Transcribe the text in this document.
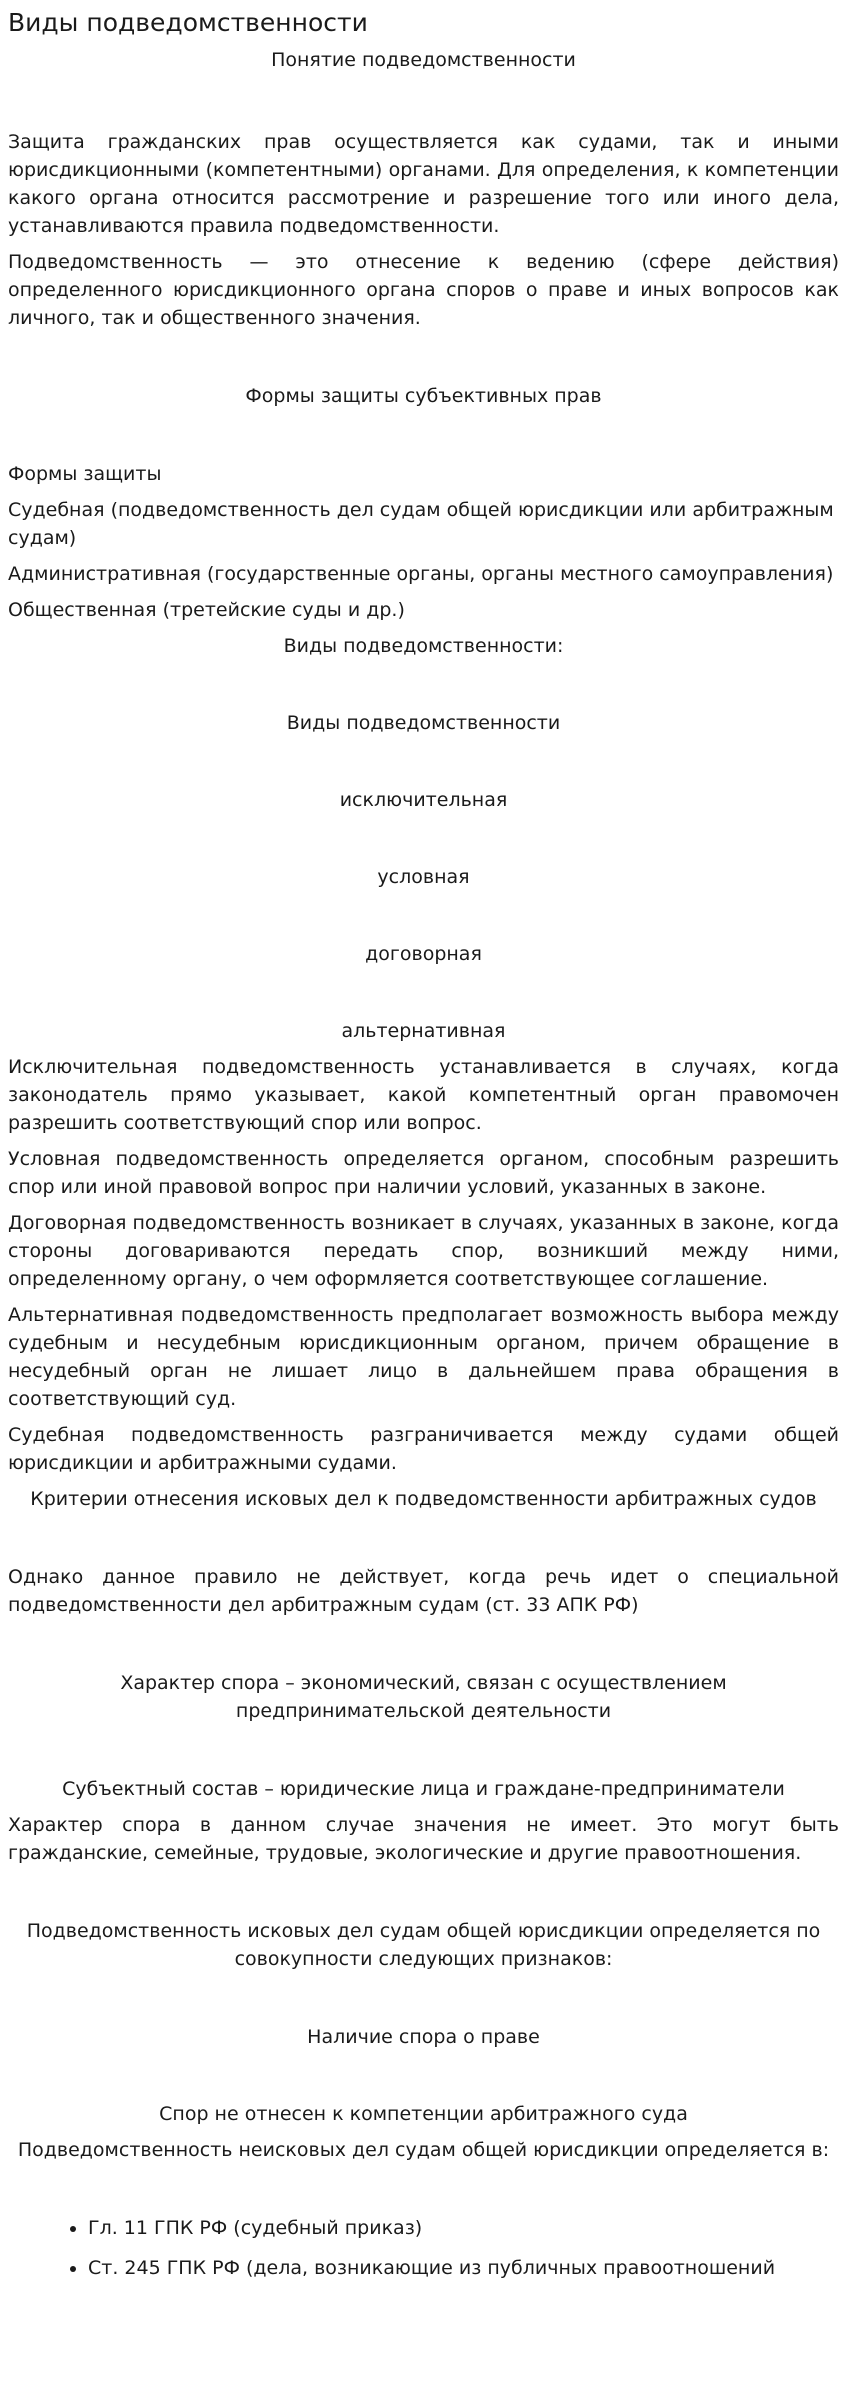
Виды подведомственности

Понятие подведомственности

Защита гражданских прав осуществляется как судами, так и иными юрисдикционными (компетентными) органами. Для определения, к компетенции какого органа относится рассмотрение и разрешение того или иного дела, устанавливаются правила подведомственности.

Подведомственность — это отнесение к ведению (сфере действия) определенного юрисдикционного органа споров о праве и иных вопросов как личного, так и общественного значения.

Формы защиты субъективных прав

Формы защиты

Судебная (подведомственность дел судам общей юрисдикции или арбитражным судам)

Административная (государственные органы, органы местного самоуправления)

Общественная (третейские суды и др.)

Виды подведомственности:

Виды подведомственности

исключительная

условная

договорная

альтернативная

Исключительная подведомственность устанавливается в случаях, когда законодатель прямо указывает, какой компетентный орган правомочен разрешить соответствующий спор или вопрос.

Условная подведомственность определяется органом, способным разрешить спор или иной правовой вопрос при наличии условий, указанных в законе.

Договорная подведомственность возникает в случаях, указанных в законе, когда стороны договариваются передать спор, возникший между ними, определенному органу, о чем оформляется соответствующее соглашение.

Альтернативная подведомственность предполагает возможность выбора между судебным и несудебным юрисдикционным органом, причем обращение в несудебный орган не лишает лицо в дальнейшем права обращения в соответствующий суд.

Судебная подведомственность разграничивается между судами общей юрисдикции и арбитражными судами.

Критерии отнесения исковых дел к подведомственности арбитражных судов

Однако данное правило не действует, когда речь идет о специальной подведомственности дел арбитражным судам (ст. 33 АПК РФ)

Характер спора – экономический, связан с осуществлением предпринимательской деятельности

Субъектный состав – юридические лица и граждане-предприниматели

Характер спора в данном случае значения не имеет. Это могут быть гражданские, семейные, трудовые, экологические и другие правоотношения.

Подведомственность исковых дел судам общей юрисдикции определяется по совокупности следующих признаков:

Наличие спора о праве

Спор не отнесен к компетенции арбитражного суда

Подведомственность неисковых дел судам общей юрисдикции определяется в:

• Гл. 11 ГПК РФ (судебный приказ)
• Ст. 245 ГПК РФ (дела, возникающие из публичных правоотношений
